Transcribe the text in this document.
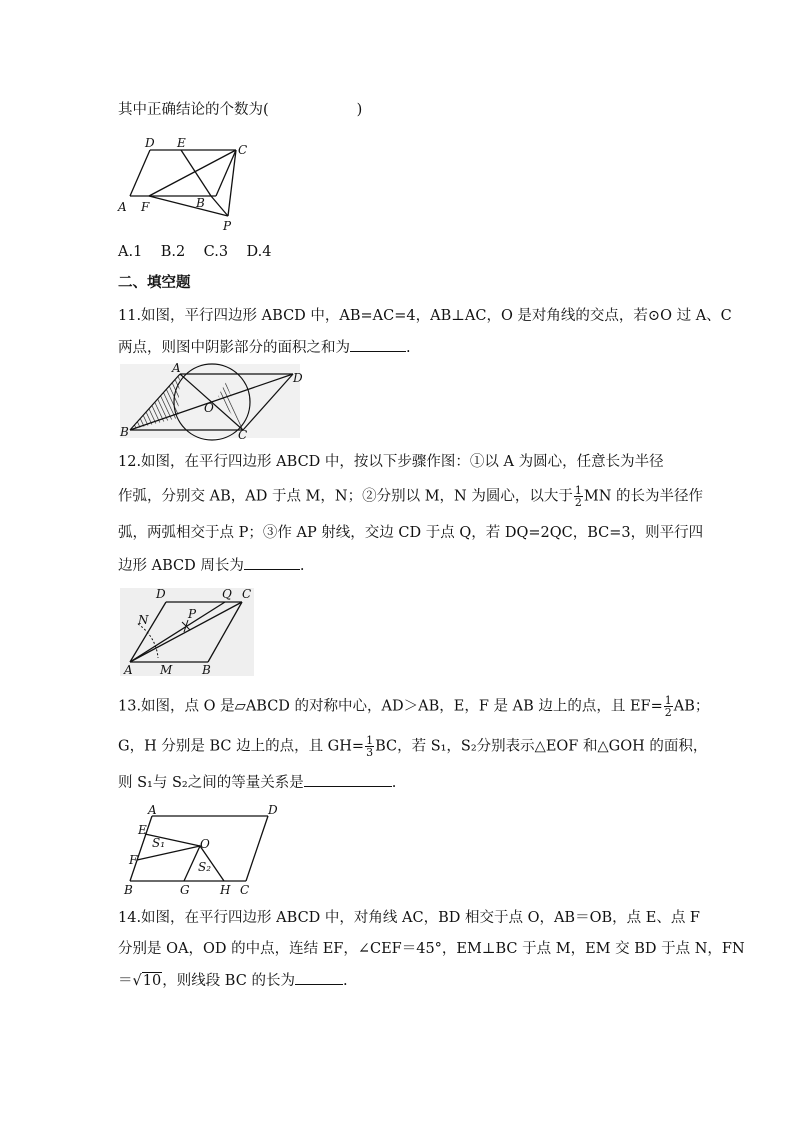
其中正确结论的个数为(	)
D E	C
A F	B
P
A.1    B.2    C.3    D.4
二、填空题
11.如图，平行四边形 ABCD 中，AB=AC=4，AB⊥AC，O 是对角线的交点，若⊙O 过 A、C
两点，则图中阴影部分的面积之和为	.
A
D
O
B	C
12.如图，在平行四边形 ABCD 中，按以下步骤作图：①以 A 为圆心，任意长为半径
作弧，分别交 AB，AD 于点 M，N；②分别以 M，N 为圆心，以大于 $\frac{1}{2}$ MN 的长为半径作
弧，两弧相交于点 P；③作 AP 射线，交边 CD 于点 Q，若 DQ=2QC，BC=3，则平行四
边形 ABCD 周长为	.
D	Q C
N	P
A M B
13.如图，点 O 是▱ABCD 的对称中心，AD＞AB，E，F 是 AB 边上的点，且 $EF= \frac{1}{2}$ AB；
G，H 分别是 BC 边上的点，且 $GH= \frac{1}{3}$ BC，若 S₁，S₂分别表示△EOF 和△GOH 的面积，
则 S₁与 S₂之间的等量关系是	.
A	D
E
O
S₁
F	S₂
B	G	H C
14.如图，在平行四边形 ABCD 中，对角线 AC，BD 相交于点 O，AB＝OB，点 E、点 F
分别是 OA，OD 的中点，连结 EF，∠CEF＝45°，EM⊥BC 于点 M，EM 交 BD 于点 N，FN
＝√10，则线段 BC 的长为	.
